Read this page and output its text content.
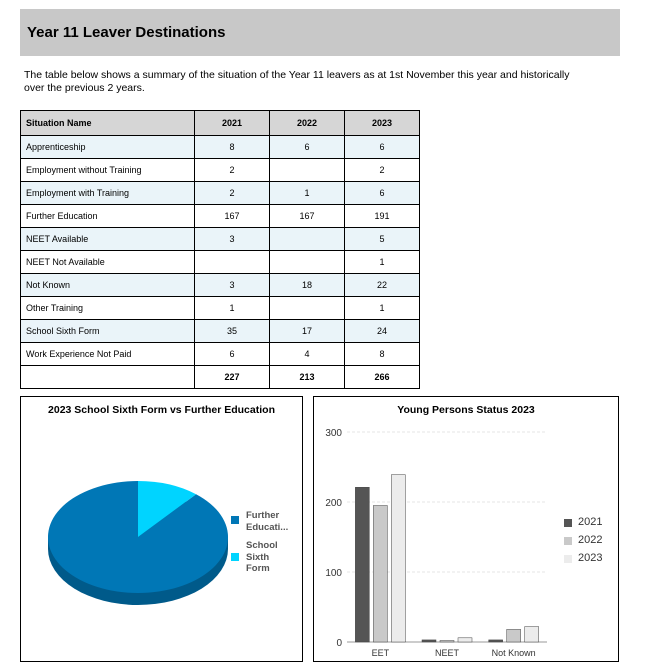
Year 11 Leaver Destinations
The table below shows a summary of the situation of the Year 11 leavers as at 1st November this year and historically over the previous 2 years.
Situation Name	2021	2022	2023
Apprenticeship	8	6	6
Employment without Training	2		2
Employment with Training	2	1	6
Further Education	167	167	191
NEET Available	3		5
NEET Not Available			1
Not Known	3	18	22
Other Training	1		1
School Sixth Form	35	17	24
Work Experience Not Paid	6	4	8
	227	213	266
2023 School Sixth Form vs Further Education
Further Educati...
School Sixth Form
Young Persons Status 2023
0
100
200
300
EET	NEET	Not Known
2021
2022
2023
